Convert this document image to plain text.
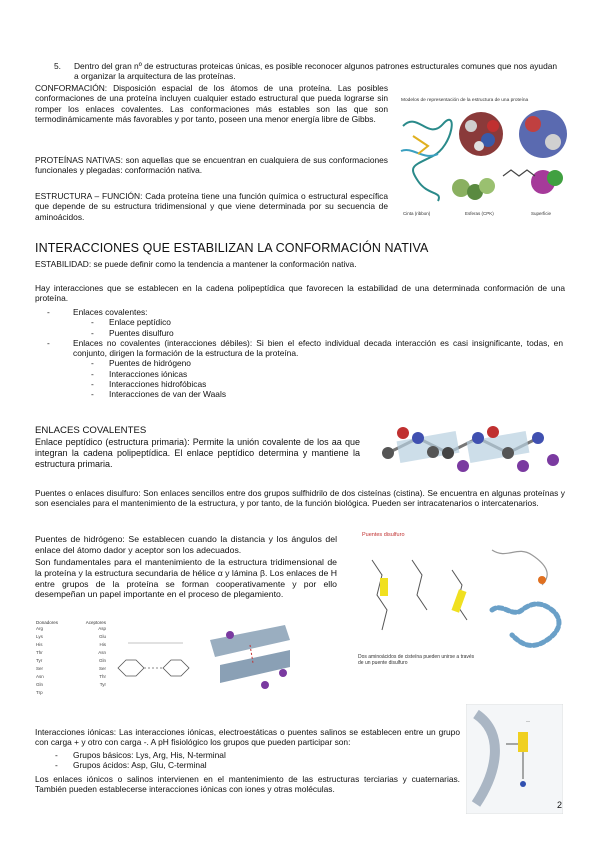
5. Dentro del gran nº de estructuras proteicas únicas, es posible reconocer algunos patrones estructurales comunes que nos ayudan a organizar la arquitectura de las proteínas.
CONFORMACIÓN: Disposición espacial de los átomos de una proteína. Las posibles conformaciones de una proteína incluyen cualquier estado estructural que pueda lograrse sin romper los enlaces covalentes. Las conformaciones más estables son las que son termodinámicamente más favorables y por tanto, poseen una menor energía libre de Gibbs.
PROTEÍNAS NATIVAS: son aquellas que se encuentran en cualquiera de sus conformaciones funcionales y plegadas: conformación nativa.
ESTRUCTURA – FUNCIÓN: Cada proteína tiene una función química o estructural específica que depende de su estructura tridimensional y que viene determinada por su secuencia de aminoácidos.
Modelos de representación de la estructura de una proteína
Cinta (ribbon)	Esferas (CPK)	Superficie
INTERACCIONES QUE ESTABILIZAN LA CONFORMACIÓN NATIVA
ESTABILIDAD: se puede definir como la tendencia a mantener la conformación nativa.
Hay interacciones que se establecen en la cadena polipeptídica que favorecen la estabilidad de una determinada conformación de una proteína.
-	Enlaces covalentes:
- Enlace peptídico
- Puentes disulfuro
-	Enlaces no covalentes (interacciones débiles): Si bien el efecto individual decada interacción es casi insignificante, todas, en conjunto, dirigen la formación de la estructura de la proteína.
- Puentes de hidrógeno
- Interacciones iónicas
- Interacciones hidrofóbicas
- Interacciones de van der Waals
ENLACES COVALENTES
Enlace peptídico (estructura primaria): Permite la unión covalente de los aa que integran la cadena polipeptídica. El enlace peptídico determina y mantiene la estructura primaria.
Puentes o enlaces disulfuro: Son enlaces sencillos entre dos grupos sulfhidrilo de dos cisteínas (cistina). Se encuentra en algunas proteínas y son esenciales para el mantenimiento de la estructura, y por tanto, de la función biológica. Pueden ser intracatenarios o intercatenarios.
Puentes de hidrógeno: Se establecen cuando la distancia y los ángulos del enlace del átomo dador y aceptor son los adecuados.
Son fundamentales para el mantenimiento de la estructura tridimensional de la proteína y la estructura secundaria de hélice α y lámina β. Los enlaces de H entre grupos de la proteína se forman cooperativamente y por ello desempeñan un papel importante en el proceso de plegamiento.
Puentes disulfuro
Dos aminoácidos de cisteína pueden unirse a través de un puente disulfuro
Donadores	Aceptores
Arg	Asp
Lys	Glu
His	His
Thr	Asn
Tyr	Gln
Ser	Ser
Asn	Thr
Gln	Tyr
Trp
—
Interacciones iónicas: Las interacciones iónicas, electroestáticas o puentes salinos se establecen entre un grupo con carga + y otro con carga -. A pH fisiológico los grupos que pueden participar son:
- Grupos básicos: Lys, Arg, His, N-terminal
- Grupos ácidos: Asp, Glu, C-terminal
Los enlaces iónicos o salinos intervienen en el mantenimiento de las estructuras terciarias y cuaternarias. También pueden establecerse interacciones iónicas con iones y otras moléculas.
2
